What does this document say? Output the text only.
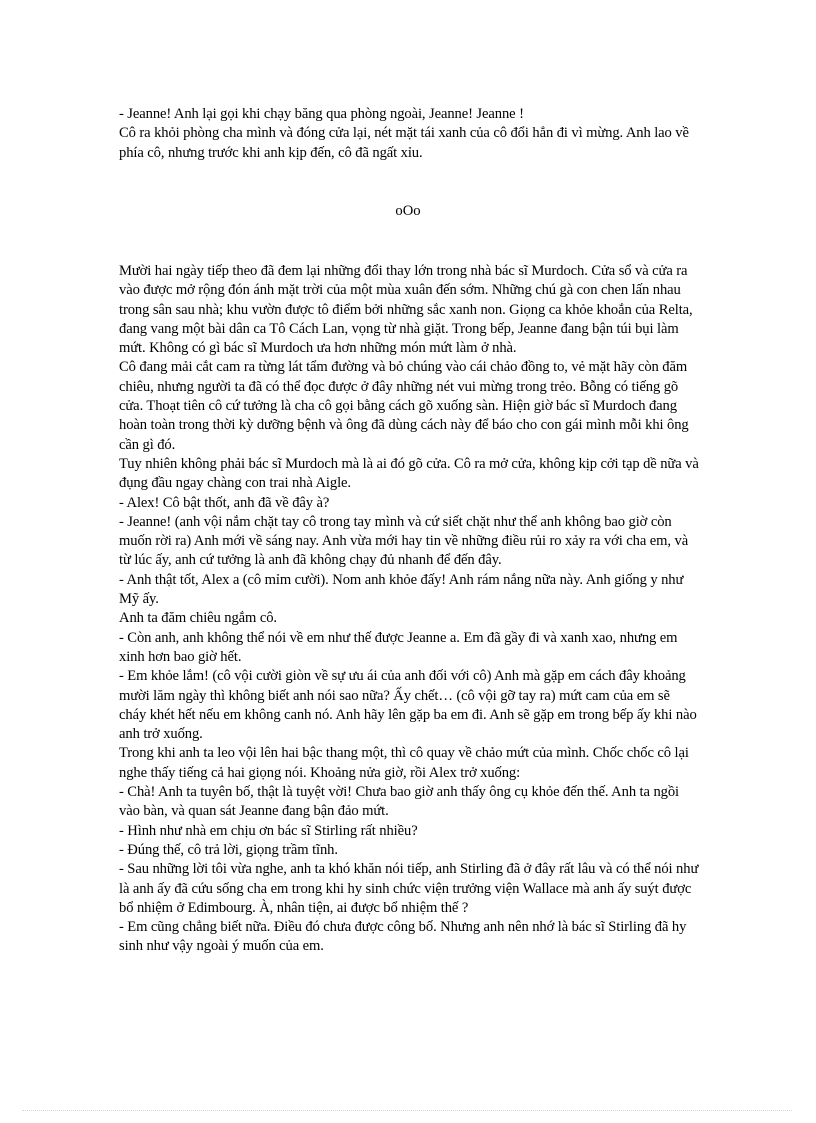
- Jeanne! Anh lại gọi khi chạy băng qua phòng ngoài, Jeanne! Jeanne !

Cô ra khỏi phòng cha mình và đóng cửa lại, nét mặt tái xanh của cô đổi hẳn đi vì mừng. Anh lao về phía cô, nhưng trước khi anh kịp đến, cô đã ngất xỉu.

oOo

Mười hai ngày tiếp theo đã đem lại những đổi thay lớn trong nhà bác sĩ Murdoch. Cửa sổ và cửa ra vào được mở rộng đón ánh mặt trời của một mùa xuân đến sớm. Những chú gà con chen lấn nhau trong sân sau nhà; khu vườn được tô điểm bởi những sắc xanh non. Giọng ca khỏe khoắn của Relta, đang vang một bài dân ca Tô Cách Lan, vọng từ nhà giặt. Trong bếp, Jeanne đang bận túi bụi làm mứt. Không có gì bác sĩ Murdoch ưa hơn những món mứt làm ở nhà.

Cô đang mải cắt cam ra từng lát tẩm đường và bỏ chúng vào cái chảo đồng to, vẻ mặt hãy còn đăm chiêu, nhưng người ta đã có thể đọc được ở đây những nét vui mừng trong trẻo. Bỗng có tiếng gõ cửa. Thoạt tiên cô cứ tưởng là cha cô gọi bằng cách gõ xuống sàn. Hiện giờ bác sĩ Murdoch đang hoàn toàn trong thời kỳ dưỡng bệnh và ông đã dùng cách này để báo cho con gái mình mỗi khi ông cần gì đó.

Tuy nhiên không phải bác sĩ Murdoch mà là ai đó gõ cửa. Cô ra mở cửa, không kịp cởi tạp dề nữa và đụng đầu ngay chàng con trai nhà Aigle.

- Alex! Cô bật thốt, anh đã về đây à?

- Jeanne! (anh vội nắm chặt tay cô trong tay mình và cứ siết chặt như thể anh không bao giờ còn muốn rời ra) Anh mới về sáng nay. Anh vừa mới hay tin về những điều rủi ro xảy ra với cha em, và từ lúc ấy, anh cứ tưởng là anh đã không chạy đủ nhanh để đến đây.

- Anh thật tốt, Alex a (cô mỉm cười). Nom anh khỏe đấy! Anh rám nắng nữa này. Anh giống y như Mỹ ấy.

Anh ta đăm chiêu ngắm cô.

- Còn anh, anh không thể nói về em như thế được Jeanne a. Em đã gầy đi và xanh xao, nhưng em xinh hơn bao giờ hết.

- Em khỏe lắm! (cô vội cười giòn về sự ưu ái của anh đối với cô) Anh mà gặp em cách đây khoảng mười lăm ngày thì không biết anh nói sao nữa? Ấy chết… (cô vội gỡ tay ra) mứt cam của em sẽ cháy khét hết nếu em không canh nó. Anh hãy lên gặp ba em đi. Anh sẽ gặp em trong bếp ấy khi nào anh trở xuống.

Trong khi anh ta leo vội lên hai bậc thang một, thì cô quay về chảo mứt của mình. Chốc chốc cô lại nghe thấy tiếng cả hai giọng nói. Khoảng nửa giờ, rồi Alex trở xuống:

- Chà! Anh ta tuyên bố, thật là tuyệt vời! Chưa bao giờ anh thấy ông cụ khỏe đến thế. Anh ta ngồi vào bàn, và quan sát Jeanne đang bận đảo mứt.

- Hình như nhà em chịu ơn bác sĩ Stirling rất nhiều?

- Đúng thế, cô trả lời, giọng trầm tĩnh.

- Sau những lời tôi vừa nghe, anh ta khó khăn nói tiếp, anh Stirling đã ở đây rất lâu và có thể nói như là anh ấy đã cứu sống cha em trong khi hy sinh chức viện trưởng viện Wallace mà anh ấy suýt được bổ nhiệm ở Edimbourg. À, nhân tiện, ai được bổ nhiệm thế ?

- Em cũng chẳng biết nữa. Điều đó chưa được công bố. Nhưng anh nên nhớ là bác sĩ Stirling đã hy sinh như vậy ngoài ý muốn của em.
